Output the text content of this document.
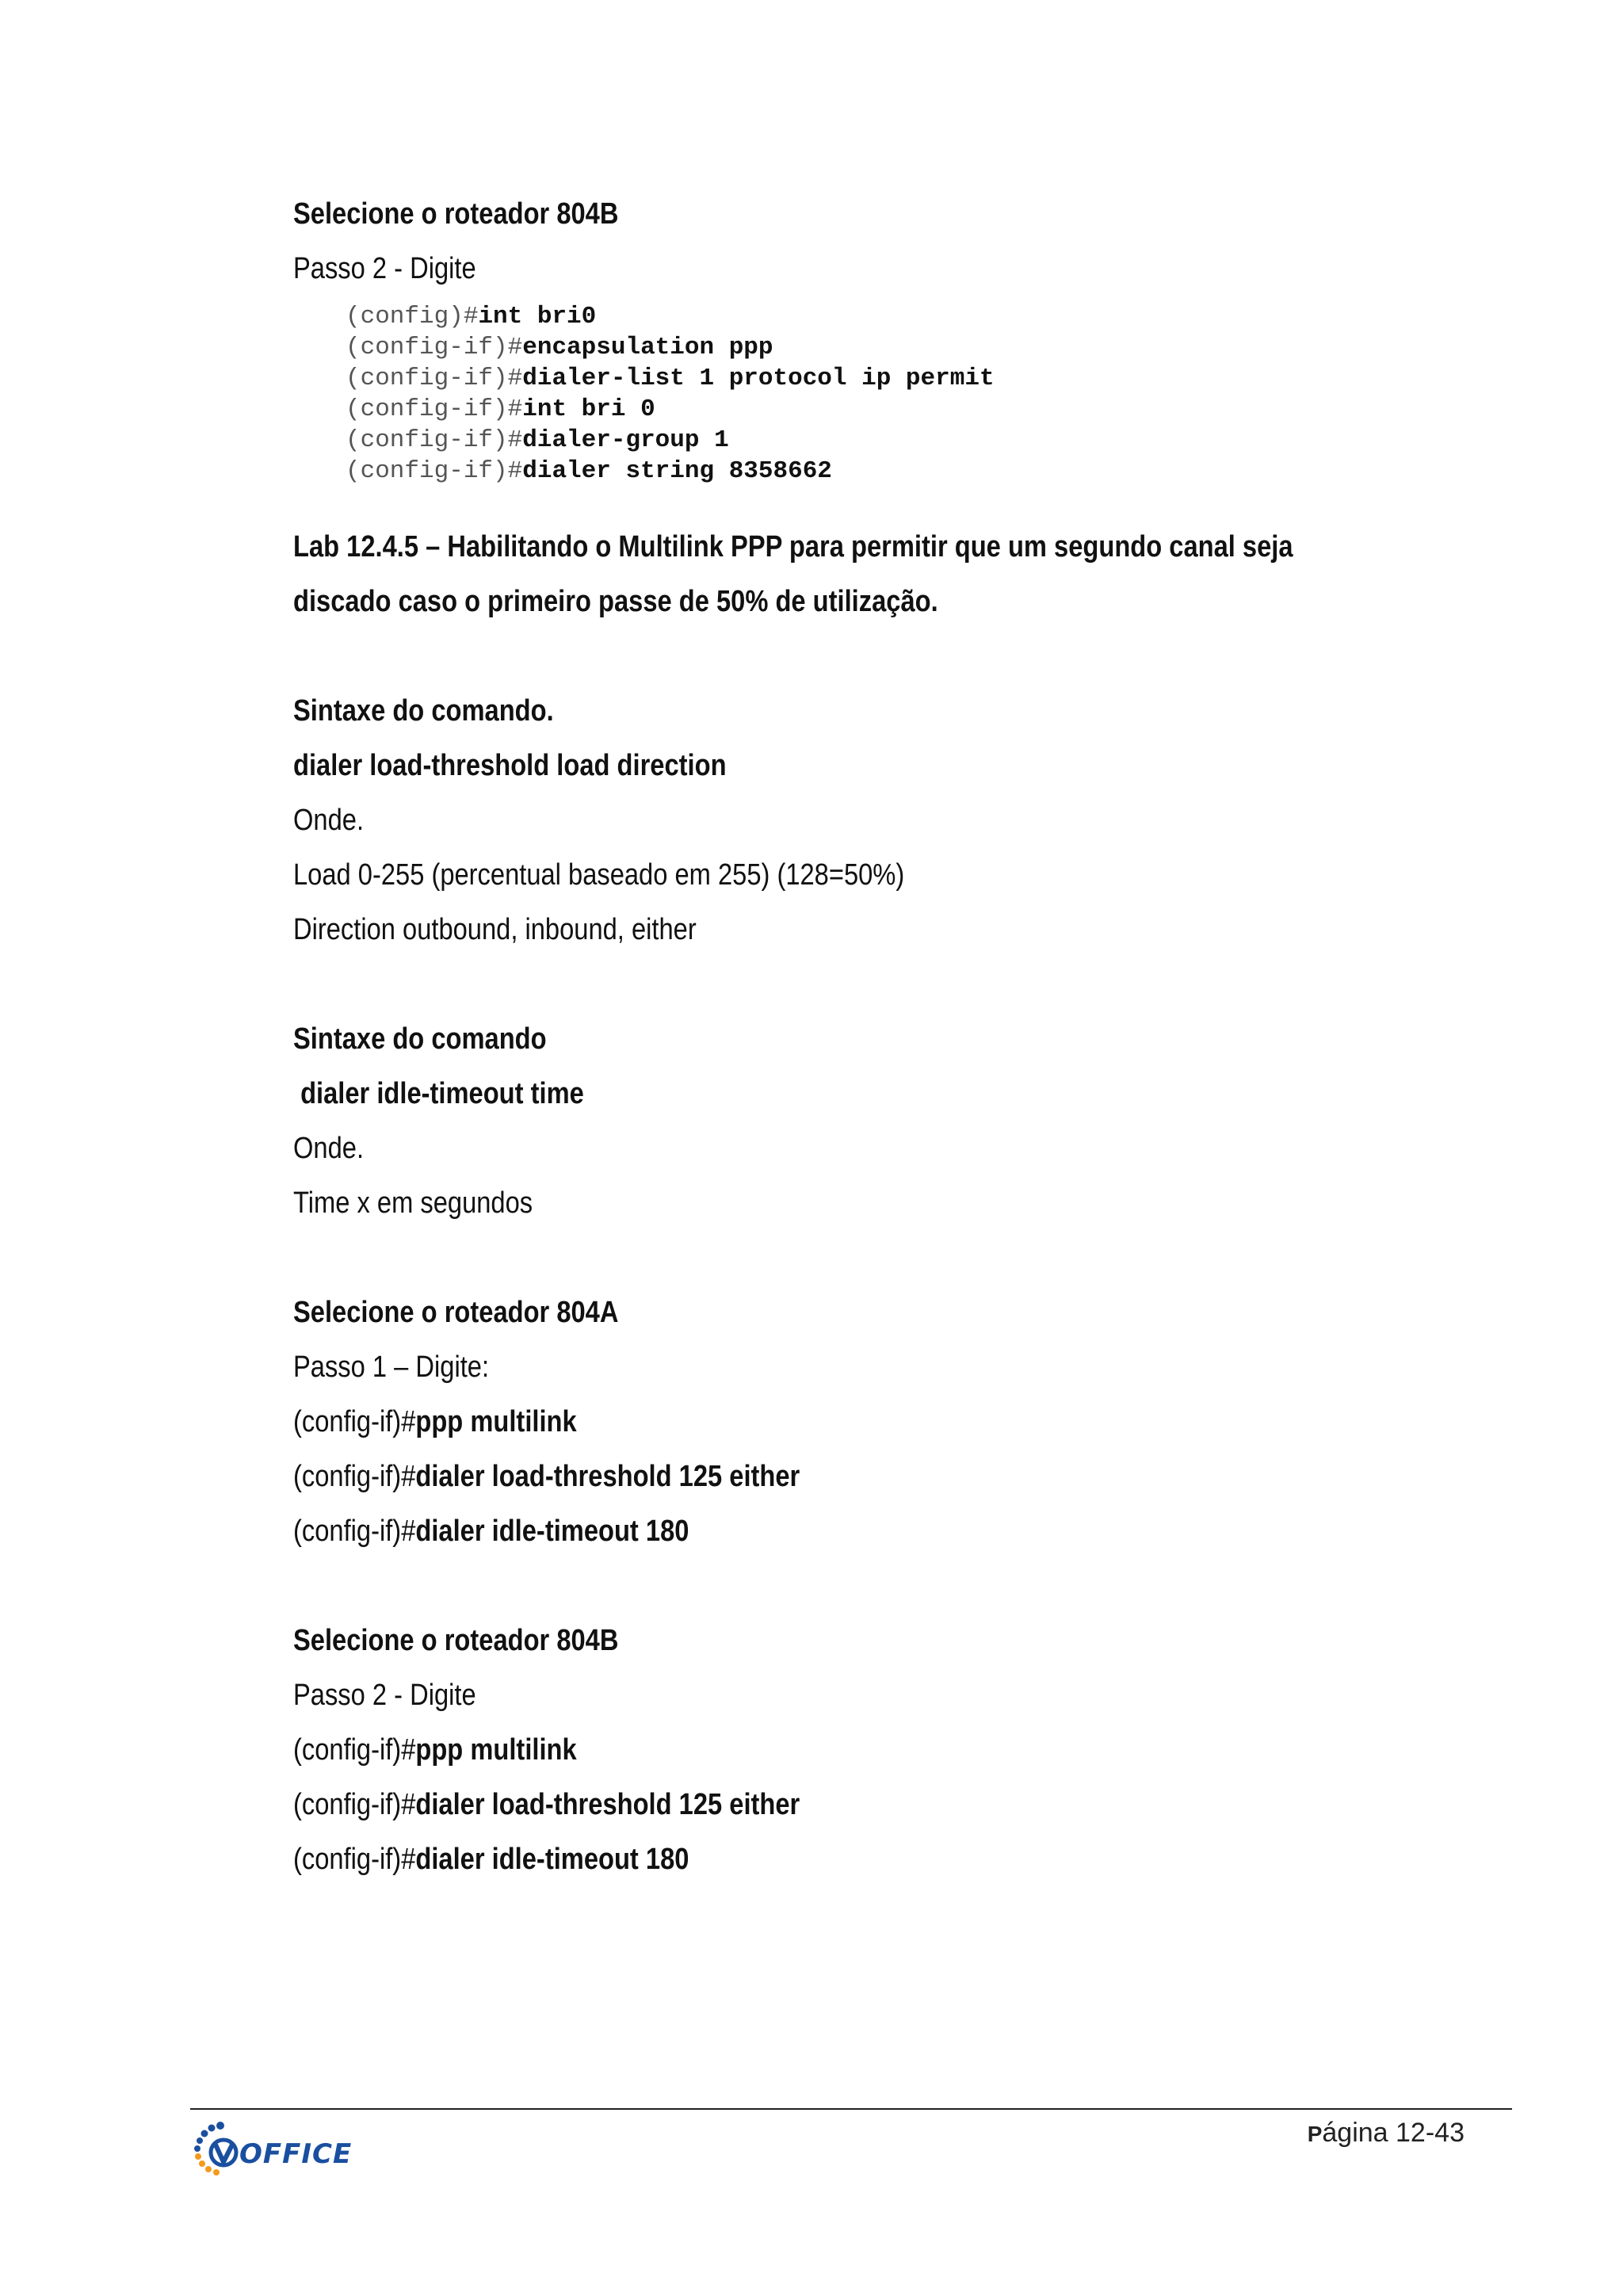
Selecione o roteador 804B
Passo 2 - Digite
(config)#int bri0
(config-if)#encapsulation ppp
(config-if)#dialer-list 1 protocol ip permit
(config-if)#int bri 0
(config-if)#dialer-group 1
(config-if)#dialer string 8358662
Lab 12.4.5 – Habilitando o Multilink PPP para permitir que um segundo canal seja
discado caso o primeiro passe de 50% de utilização.
Sintaxe do comando.
dialer load-threshold load direction
Onde.
Load 0-255 (percentual baseado em 255) (128=50%)
Direction outbound, inbound, either
Sintaxe do comando
dialer idle-timeout time
Onde.
Time x em segundos
Selecione o roteador 804A
Passo 1 – Digite:
(config-if)#ppp multilink
(config-if)#dialer load-threshold 125 either
(config-if)#dialer idle-timeout 180
Selecione o roteador 804B
Passo 2 - Digite
(config-if)#ppp multilink
(config-if)#dialer load-threshold 125 either
(config-if)#dialer idle-timeout 180
OFFICE
Página 12-43
